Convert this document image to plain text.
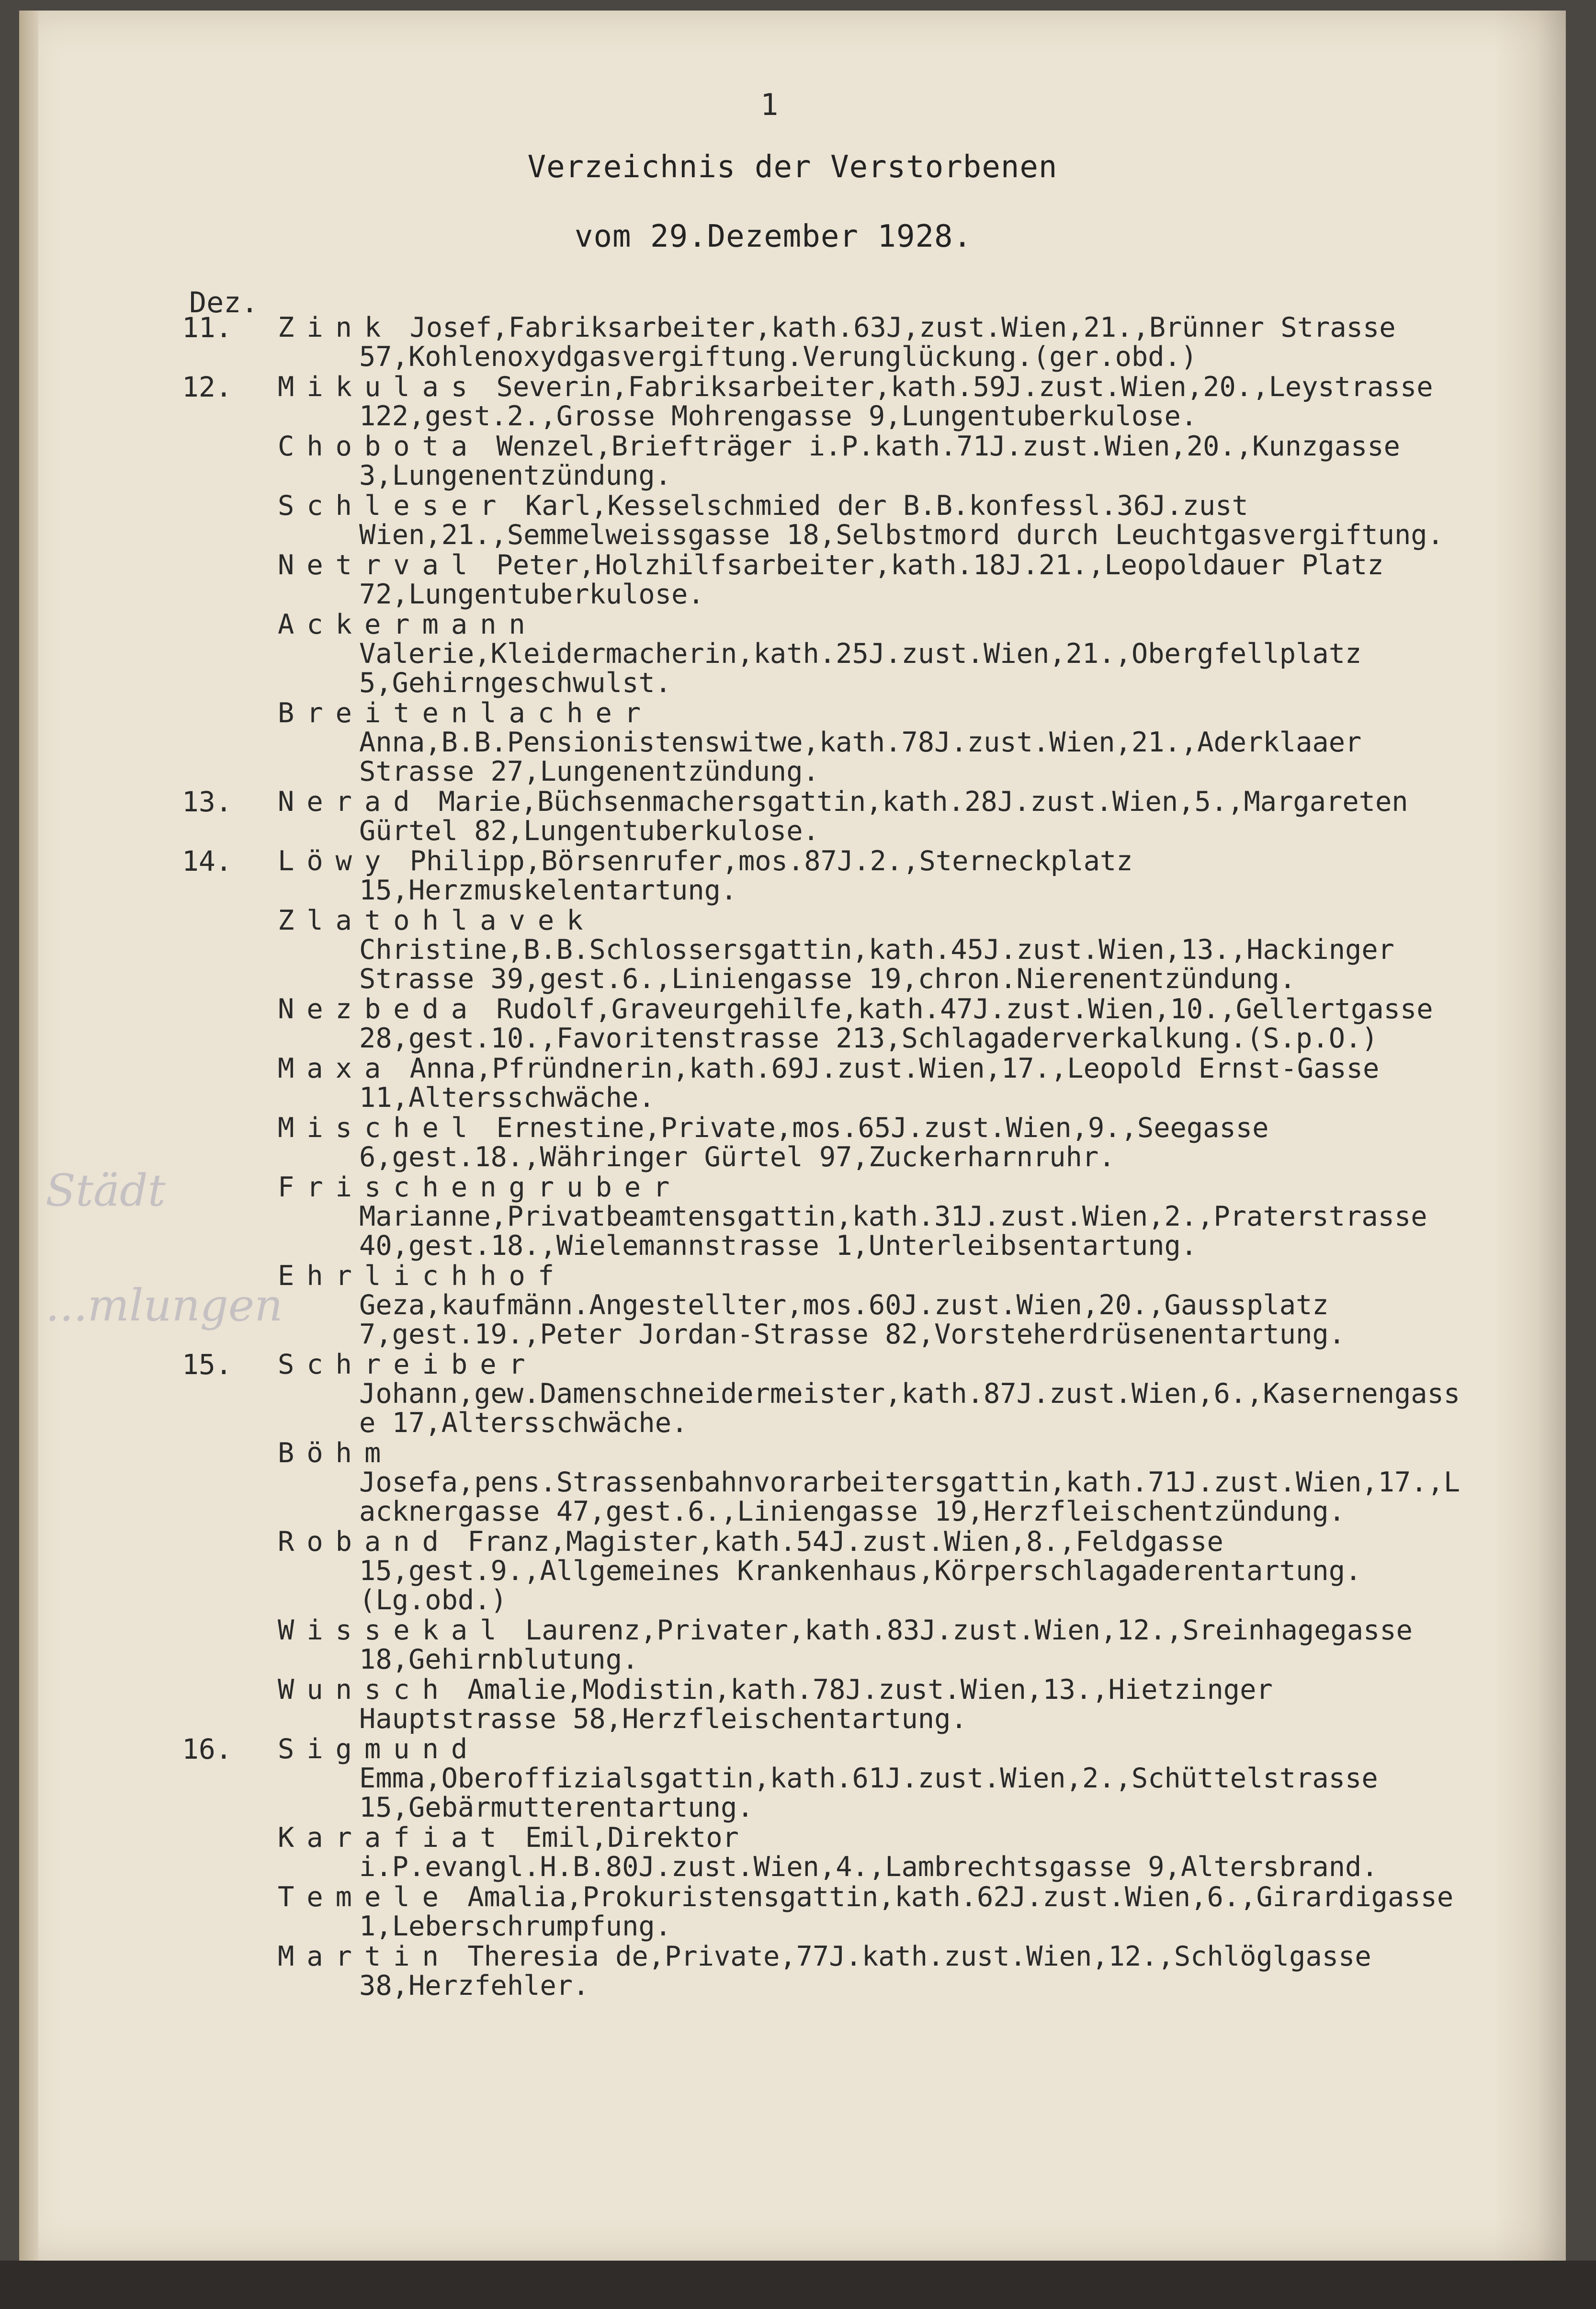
1
Verzeichnis der Verstorbenen
vom 29.Dezember 1928.
Dez.
Städt
...mlungen
11.	Zink Josef,Fabriksarbeiter,kath.63J,zust.Wien,21.,Brünner Strasse 57,Kohlenoxydgasvergiftung.Verunglückung.(ger.obd.)
12.	Mikulas Severin,Fabriksarbeiter,kath.59J.zust.Wien,20.,Leystrasse 122,gest.2.,Grosse Mohrengasse 9,Lungentuberkulose.
Chobota Wenzel,Briefträger i.P.kath.71J.zust.Wien,20.,Kunzgasse 3,Lungenentzündung.
Schleser Karl,Kesselschmied der B.B.konfessl.36J.zust Wien,21.,Semmelweissgasse 18,Selbstmord durch Leuchtgasvergiftung.
Netrval Peter,Holzhilfsarbeiter,kath.18J.21.,Leopoldauer Platz 72,Lungentuberkulose.
Ackermann Valerie,Kleidermacherin,kath.25J.zust.Wien,21.,Obergfellplatz 5,Gehirngeschwulst.
Breitenlacher Anna,B.B.Pensionistenswitwe,kath.78J.zust.Wien,21.,Aderklaaer Strasse 27,Lungenentzündung.
13.	Nerad Marie,Büchsenmachersgattin,kath.28J.zust.Wien,5.,Margareten Gürtel 82,Lungentuberkulose.
14.	Löwy Philipp,Börsenrufer,mos.87J.2.,Sterneckplatz 15,Herzmuskelentartung.
Zlatohlavek Christine,B.B.Schlossersgattin,kath.45J.zust.Wien,13.,Hackinger Strasse 39,gest.6.,Liniengasse 19,chron.Nierenentzündung.
Nezbeda Rudolf,Graveurgehilfe,kath.47J.zust.Wien,10.,Gellertgasse 28,gest.10.,Favoritenstrasse 213,Schlagaderverkalkung.(S.p.O.)
Maxa Anna,Pfründnerin,kath.69J.zust.Wien,17.,Leopold Ernst-Gasse 11,Altersschwäche.
Mischel Ernestine,Private,mos.65J.zust.Wien,9.,Seegasse 6,gest.18.,Währinger Gürtel 97,Zuckerharnruhr.
Frischengruber Marianne,Privatbeamtensgattin,kath.31J.zust.Wien,2.,Praterstrasse 40,gest.18.,Wielemannstrasse 1,Unterleibsentartung.
Ehrlichhof Geza,kaufmänn.Angestellter,mos.60J.zust.Wien,20.,Gaussplatz 7,gest.19.,Peter Jordan-Strasse 82,Vorsteherdrüsenentartung.
15.	Schreiber Johann,gew.Damenschneidermeister,kath.87J.zust.Wien,6.,Kasernengasse 17,Altersschwäche.
Böhm Josefa,pens.Strassenbahnvorarbeitersgattin,kath.71J.zust.Wien,17.,Lacknergasse 47,gest.6.,Liniengasse 19,Herzfleischentzündung.
Roband Franz,Magister,kath.54J.zust.Wien,8.,Feldgasse 15,gest.9.,Allgemeines Krankenhaus,Körperschlagaderentartung.(Lg.obd.)
Wissekal Laurenz,Privater,kath.83J.zust.Wien,12.,Sreinhagegasse 18,Gehirnblutung.
Wunsch Amalie,Modistin,kath.78J.zust.Wien,13.,Hietzinger Hauptstrasse 58,Herzfleischentartung.
16.	Sigmund Emma,Oberoffizialsgattin,kath.61J.zust.Wien,2.,Schüttelstrasse 15,Gebärmutterentartung.
Karafiat Emil,Direktor i.P.evangl.H.B.80J.zust.Wien,4.,Lambrechtsgasse 9,Altersbrand.
Temele Amalia,Prokuristensgattin,kath.62J.zust.Wien,6.,Girardigasse 1,Leberschrumpfung.
Martin Theresia de,Private,77J.kath.zust.Wien,12.,Schlöglgasse 38,Herzfehler.
